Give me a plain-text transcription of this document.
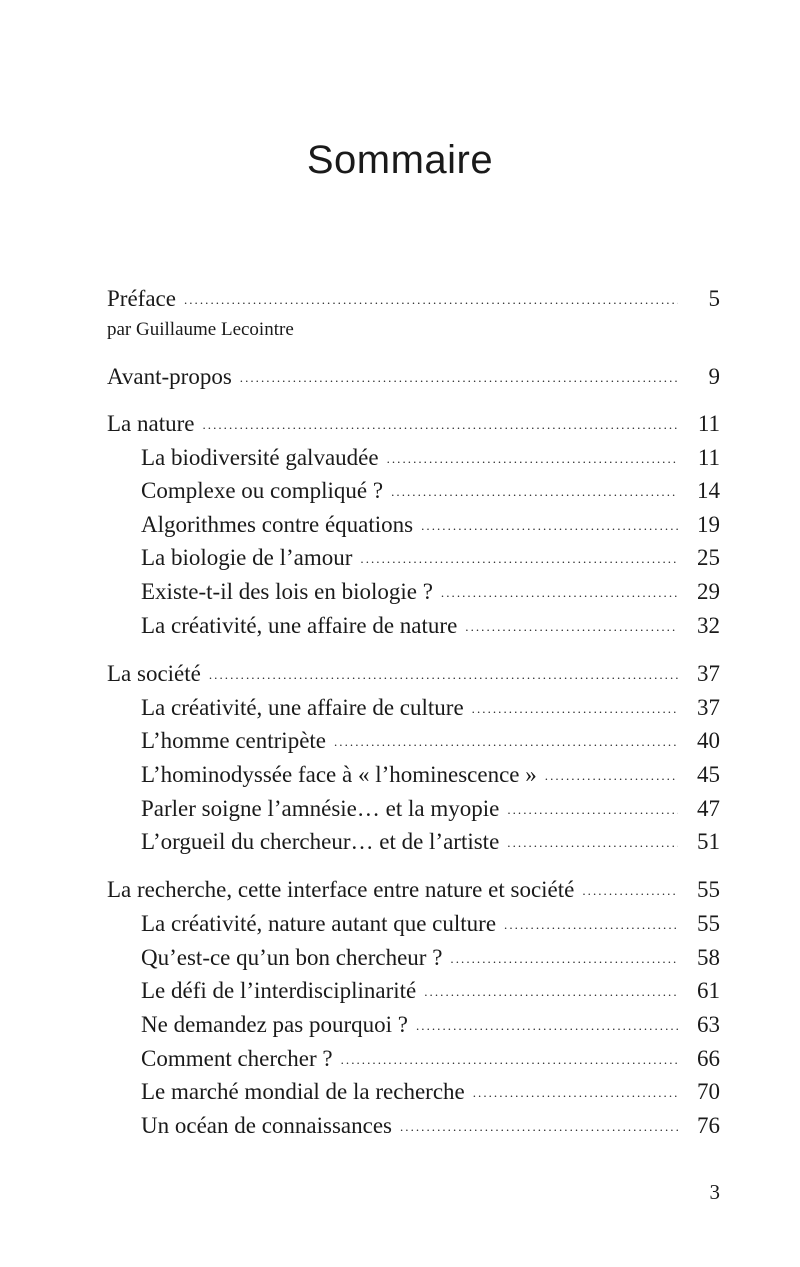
Sommaire
Préface . . .	5
par Guillaume Lecointre
Avant-propos . . .	9
La nature . . .	11
La biodiversité galvaudée . . .	11
Complexe ou compliqué ? . . .	14
Algorithmes contre équations . . .	19
La biologie de l’amour . . .	25
Existe-t-il des lois en biologie ? . . .	29
La créativité, une affaire de nature . . .	32
La société . . .	37
La créativité, une affaire de culture . . .	37
L’homme centripète . . .	40
L’hominodyssée face à « l’hominescence » . . .	45
Parler soigne l’amnésie… et la myopie . . .	47
L’orgueil du chercheur… et de l’artiste . . .	51
La recherche, cette interface entre nature et société . . .	55
La créativité, nature autant que culture . . .	55
Qu’est-ce qu’un bon chercheur ? . . .	58
Le défi de l’interdisciplinarité . . .	61
Ne demandez pas pourquoi ? . . .	63
Comment chercher ? . . .	66
Le marché mondial de la recherche . . .	70
Un océan de connaissances . . .	76
3
